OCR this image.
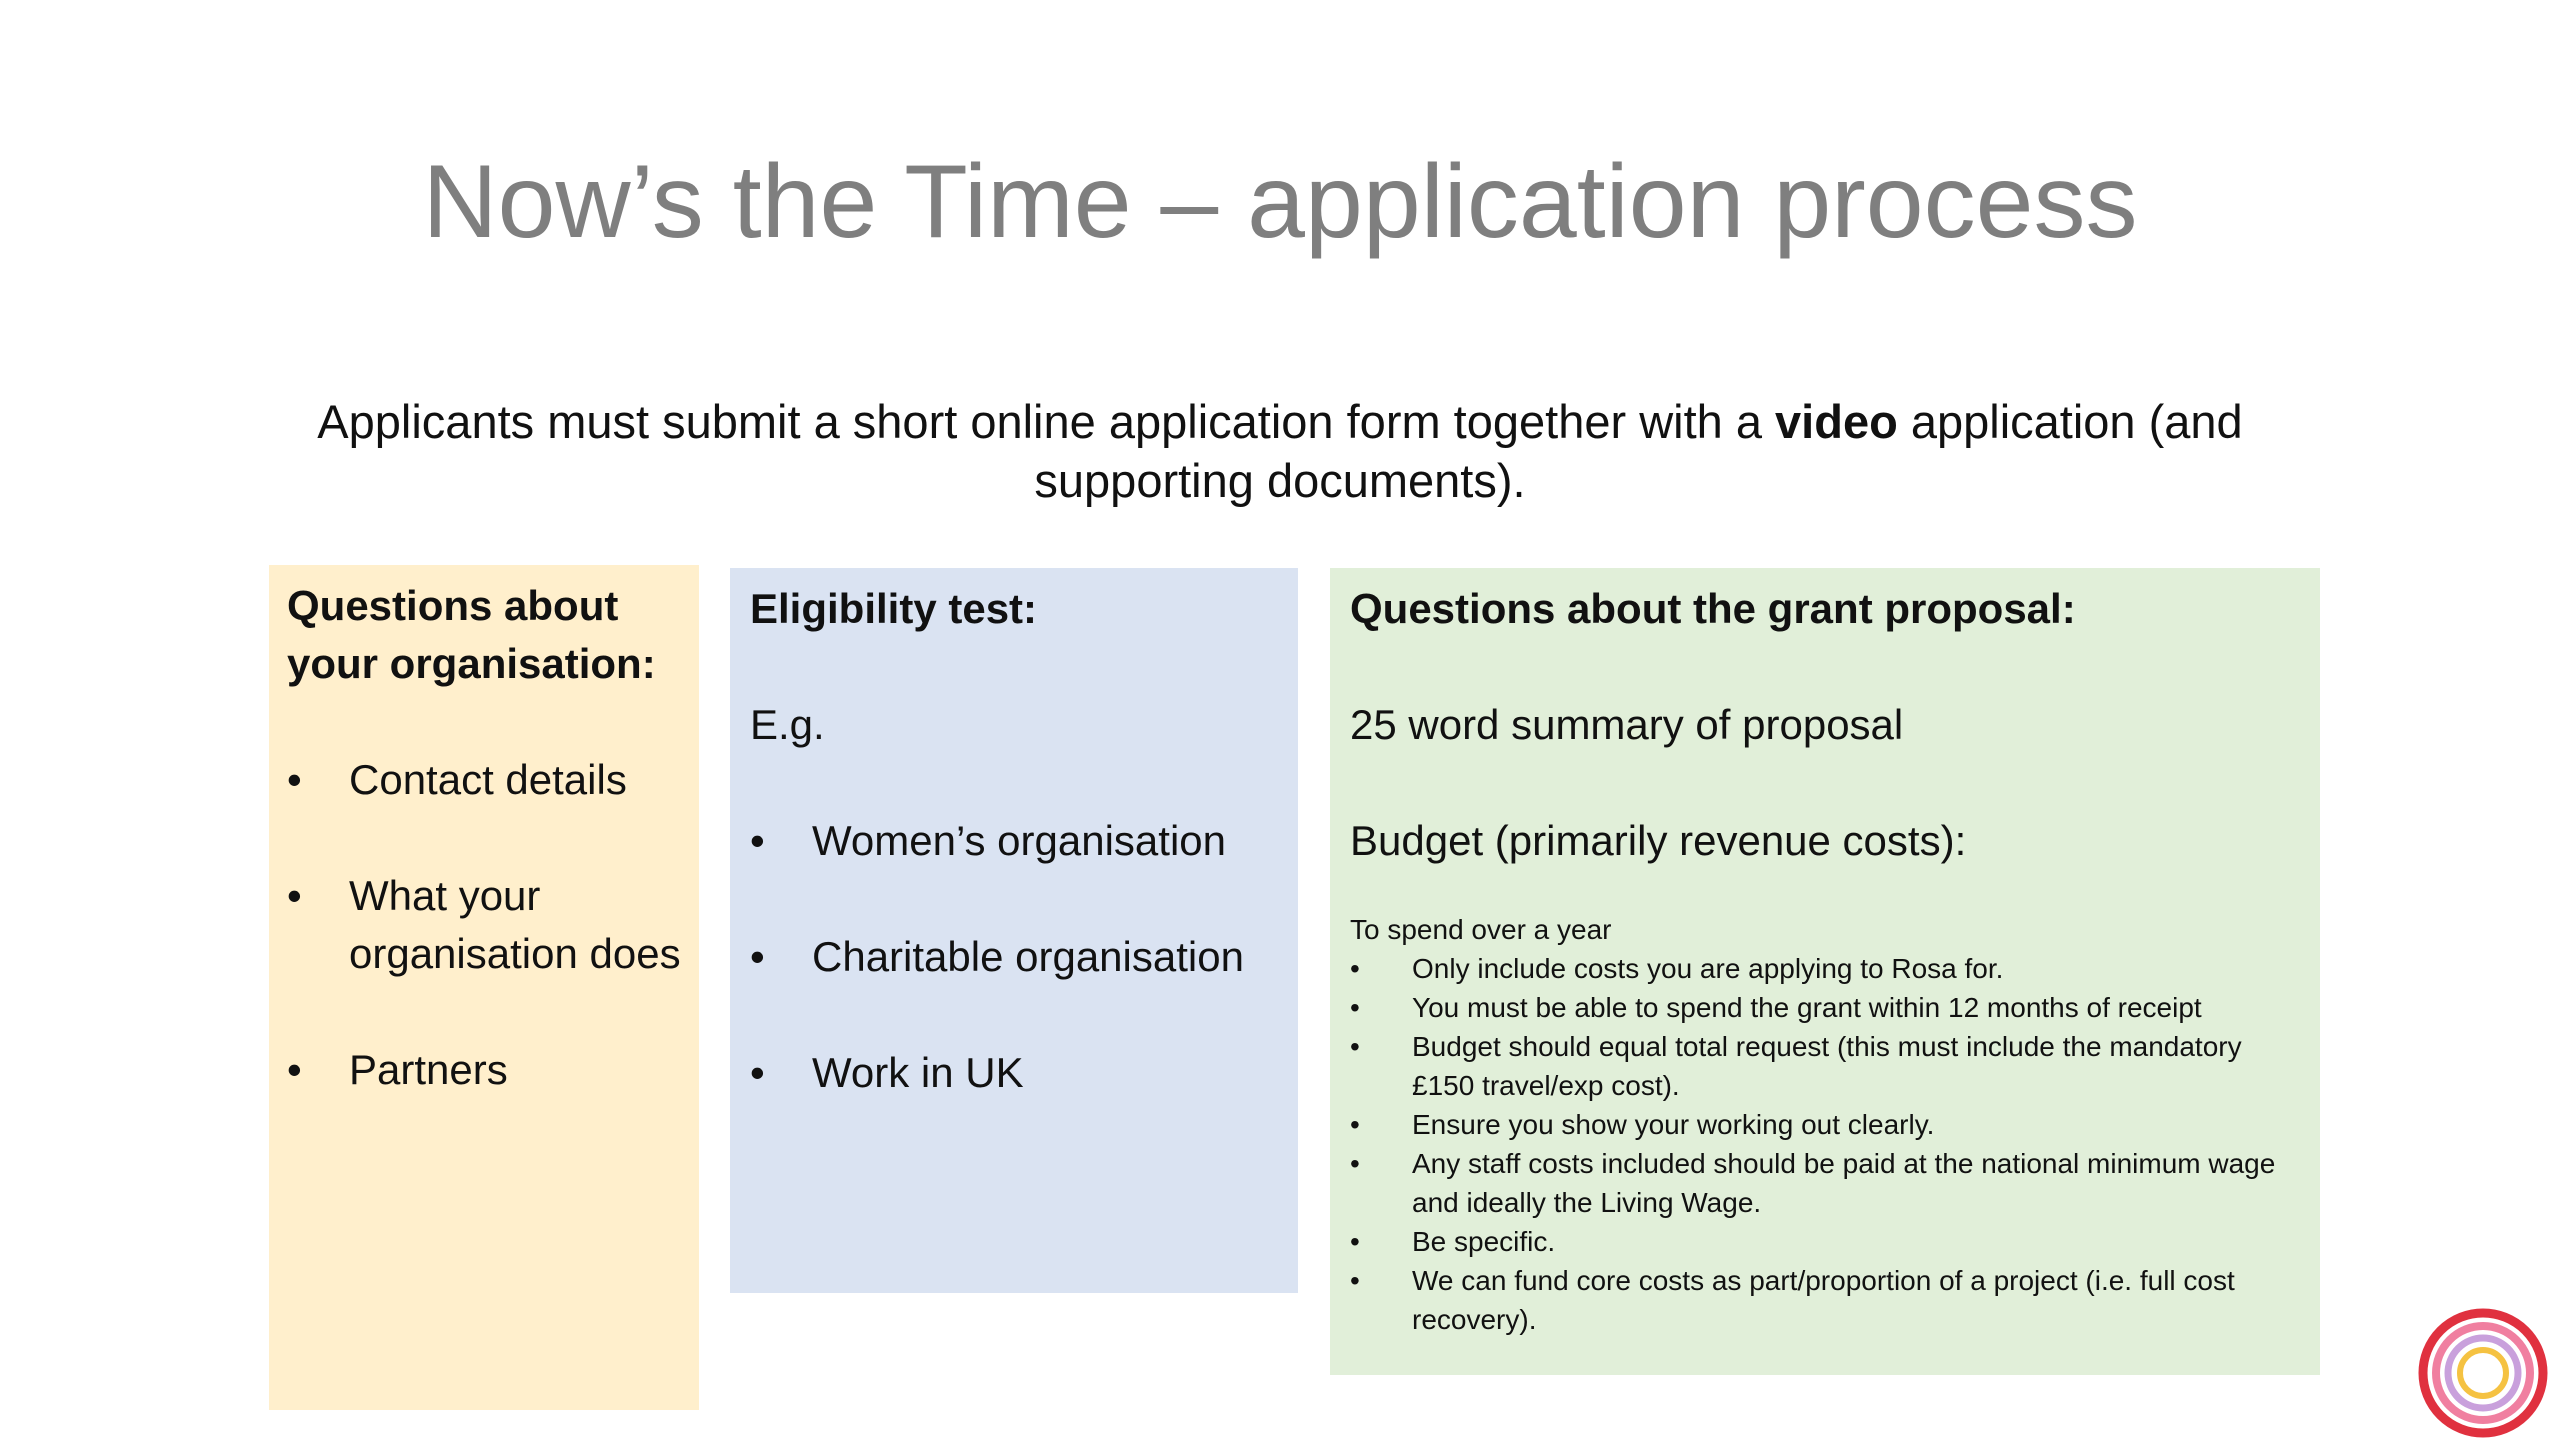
Now’s the Time – application process
Applicants must submit a short online application form together with a video application (and supporting documents).

Questions about your organisation:

• Contact details
• What your organisation does
• Partners

Eligibility test:

E.g.

• Women’s organisation
• Charitable organisation
• Work in UK

Questions about the grant proposal:

25 word summary of proposal

Budget (primarily revenue costs):

To spend over a year

• Only include costs you are applying to Rosa for.
• You must be able to spend the grant within 12 months of receipt
• Budget should equal total request (this must include the mandatory £150 travel/exp cost).
• Ensure you show your working out clearly.
• Any staff costs included should be paid at the national minimum wage and ideally the Living Wage.
• Be specific.
• We can fund core costs as part/proportion of a project (i.e. full cost recovery).
